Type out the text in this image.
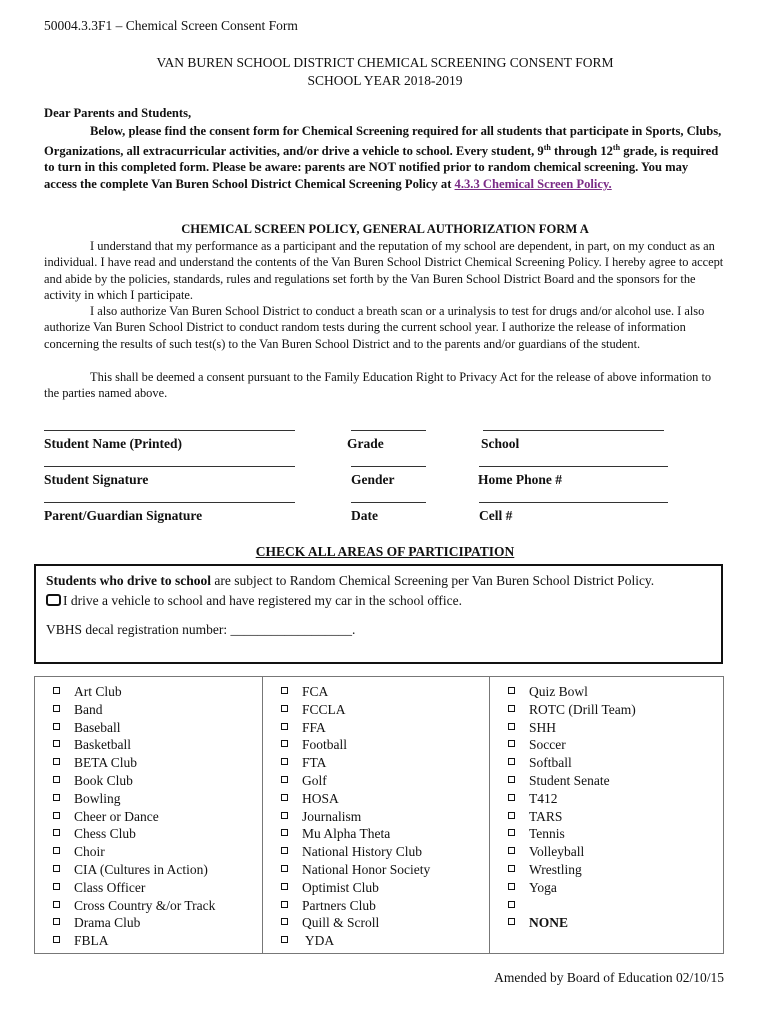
50004.3.3F1 – Chemical Screen Consent Form
VAN BUREN SCHOOL DISTRICT CHEMICAL SCREENING CONSENT FORM
SCHOOL YEAR 2018-2019
Dear Parents and Students,
Below, please find the consent form for Chemical Screening required for all students that participate in Sports, Clubs, Organizations, all extracurricular activities, and/or drive a vehicle to school. Every student, 9th through 12th grade, is required to turn in this completed form. Please be aware: parents are NOT notified prior to random chemical screening. You may access the complete Van Buren School District Chemical Screening Policy at 4.3.3 Chemical Screen Policy.
CHEMICAL SCREEN POLICY, GENERAL AUTHORIZATION FORM A
I understand that my performance as a participant and the reputation of my school are dependent, in part, on my conduct as an individual. I have read and understand the contents of the Van Buren School District Chemical Screening Policy. I hereby agree to accept and abide by the policies, standards, rules and regulations set forth by the Van Buren School District Board and the sponsors for the activity in which I participate.
I also authorize Van Buren School District to conduct a breath scan or a urinalysis to test for drugs and/or alcohol use. I also authorize Van Buren School District to conduct random tests during the current school year. I authorize the release of information concerning the results of such test(s) to the Van Buren School District and to the parents and/or guardians of the student.
This shall be deemed a consent pursuant to the Family Education Right to Privacy Act for the release of above information to the parties named above.
Student Name (Printed)	Grade	School
Student Signature	Gender	Home Phone #
Parent/Guardian Signature	Date	Cell #
CHECK ALL AREAS OF PARTICIPATION
Students who drive to school are subject to Random Chemical Screening per Van Buren School District Policy.
I drive a vehicle to school and have registered my car in the school office.
VBHS decal registration number: __________________.
Art Club
Band
Baseball
Basketball
BETA Club
Book Club
Bowling
Cheer or Dance
Chess Club
Choir
CIA (Cultures in Action)
Class Officer
Cross Country &/or Track
Drama Club
FBLA
FCA
FCCLA
FFA
Football
FTA
Golf
HOSA
Journalism
Mu Alpha Theta
National History Club
National Honor Society
Optimist Club
Partners Club
Quill & Scroll
YDA
Quiz Bowl
ROTC (Drill Team)
SHH
Soccer
Softball
Student Senate
T412
TARS
Tennis
Volleyball
Wrestling
Yoga
NONE
Amended by Board of Education 02/10/15
